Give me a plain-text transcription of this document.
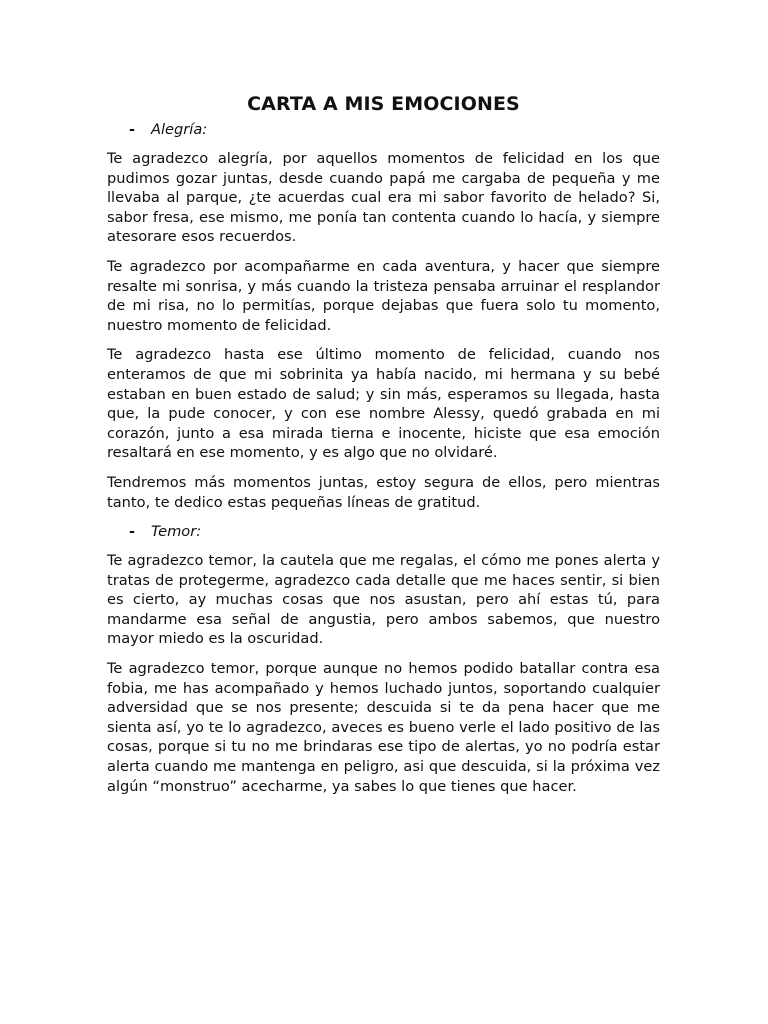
CARTA A MIS EMOCIONES
-	Alegría:

Te agradezco alegría, por aquellos momentos de felicidad en los que pudimos gozar juntas, desde cuando papá me cargaba de pequeña y me llevaba al parque, ¿te acuerdas cual era mi sabor favorito de helado? Si, sabor fresa, ese mismo, me ponía tan contenta cuando lo hacía, y siempre atesorare esos recuerdos.

Te agradezco por acompañarme en cada aventura, y hacer que siempre resalte mi sonrisa, y más cuando la tristeza pensaba arruinar el resplandor de mi risa, no lo permitías, porque dejabas que fuera solo tu momento, nuestro momento de felicidad.

Te agradezco hasta ese último momento de felicidad, cuando nos enteramos de que mi sobrinita ya había nacido, mi hermana y su bebé estaban en buen estado de salud; y sin más, esperamos su llegada, hasta que, la pude conocer, y con ese nombre Alessy, quedó grabada en mi corazón, junto a esa mirada tierna e inocente, hiciste que esa emoción resaltará en ese momento, y es algo que no olvidaré.

Tendremos más momentos juntas, estoy segura de ellos, pero mientras tanto, te dedico estas pequeñas líneas de gratitud.

-	Temor:

Te agradezco temor, la cautela que me regalas, el cómo me pones alerta y tratas de protegerme, agradezco cada detalle que me haces sentir, si bien es cierto, ay muchas cosas que nos asustan, pero ahí estas tú, para mandarme esa señal de angustia, pero ambos sabemos, que nuestro mayor miedo es la oscuridad.

Te agradezco temor, porque aunque no hemos podido batallar contra esa fobia, me has acompañado y hemos luchado juntos, soportando cualquier adversidad que se nos presente; descuida si te da pena hacer que me sienta así, yo te lo agradezco, aveces es bueno verle el lado positivo de las cosas, porque si tu no me brindaras ese tipo de alertas, yo no podría estar alerta cuando me mantenga en peligro, asi que descuida, si la próxima vez algún “monstruo” acecharme, ya sabes lo que tienes que hacer.
